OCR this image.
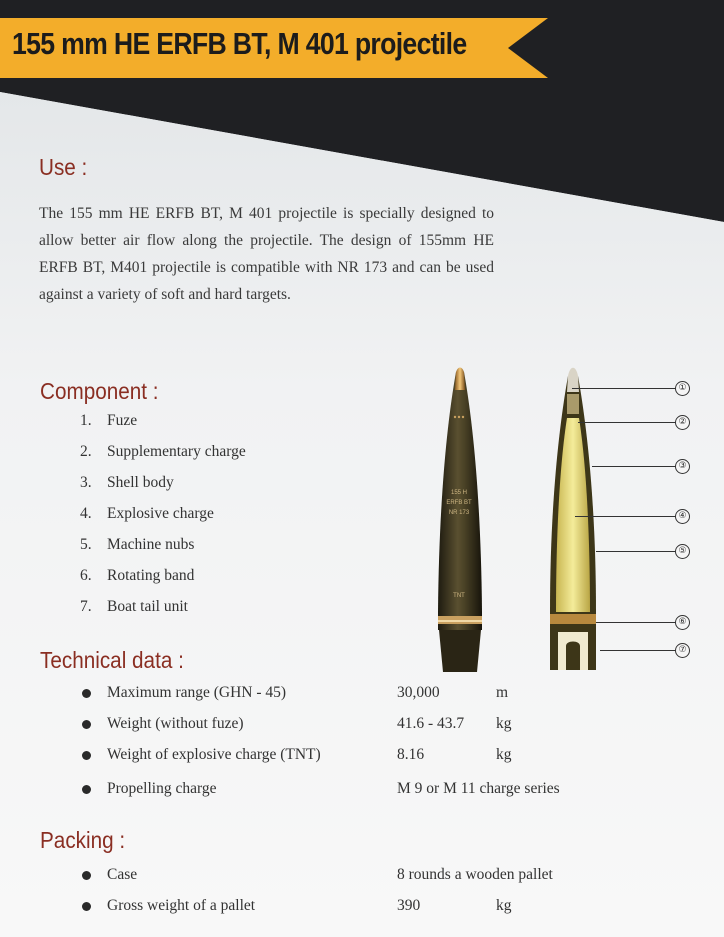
155 mm HE ERFB BT, M 401 projectile
Use :

The 155 mm HE ERFB BT, M 401 projectile is specially designed to allow better air flow along the projectile. The design of 155mm HE ERFB BT, M401 projectile is compatible with NR 173 and can be used against a variety of soft and hard targets.

Component :
1. Fuze
2. Supplementary charge
3. Shell body
4. Explosive charge
5. Machine nubs
6. Rotating band
7. Boat tail unit
155 H
ERFB BT
NR 173
TNT
①
②
③
④
⑤
⑥
⑦
Technical data :
Maximum range (GHN - 45)	30,000	m
Weight (without fuze)	41.6 - 43.7 kg
Weight of explosive charge (TNT)	8.16	kg
Propelling charge	M 9 or M 11 charge series
Packing :
Case	8 rounds a wooden pallet
Gross weight of a pallet	390	kg
